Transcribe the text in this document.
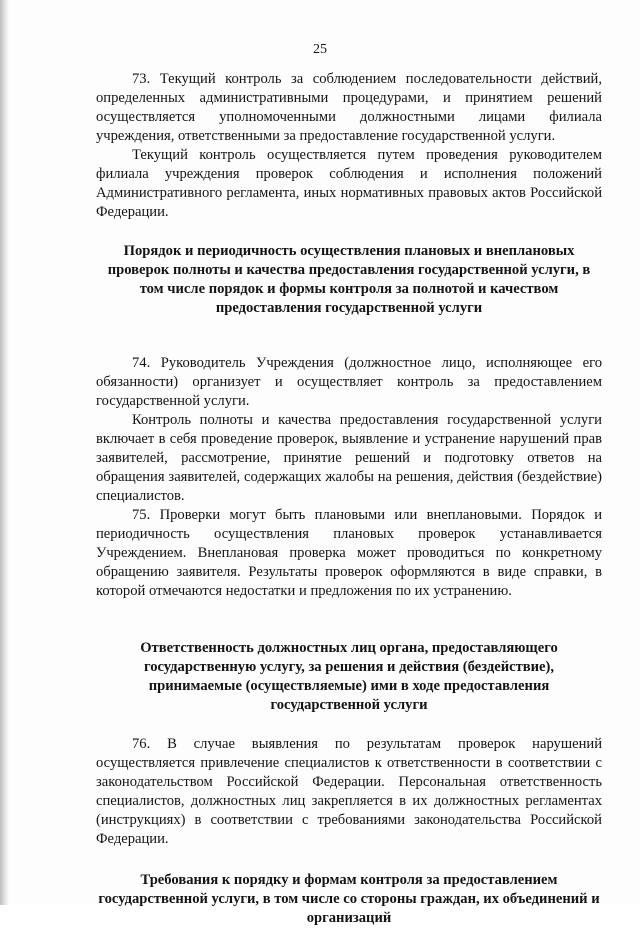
25

73. Текущий контроль за соблюдением последовательности действий, определенных административными процедурами, и принятием решений осуществляется уполномоченными должностными лицами филиала учреждения, ответственными за предоставление государственной услуги.

Текущий контроль осуществляется путем проведения руководителем филиала учреждения проверок соблюдения и исполнения положений Административного регламента, иных нормативных правовых актов Российской Федерации.

Порядок и периодичность осуществления плановых и внеплановых проверок полноты и качества предоставления государственной услуги, в том числе порядок и формы контроля за полнотой и качеством предоставления государственной услуги

74. Руководитель Учреждения (должностное лицо, исполняющее его обязанности) организует и осуществляет контроль за предоставлением государственной услуги.

Контроль полноты и качества предоставления государственной услуги включает в себя проведение проверок, выявление и устранение нарушений прав заявителей, рассмотрение, принятие решений и подготовку ответов на обращения заявителей, содержащих жалобы на решения, действия (бездействие) специалистов.

75. Проверки могут быть плановыми или внеплановыми. Порядок и периодичность осуществления плановых проверок устанавливается Учреждением. Внеплановая проверка может проводиться по конкретному обращению заявителя. Результаты проверок оформляются в виде справки, в которой отмечаются недостатки и предложения по их устранению.

Ответственность должностных лиц органа, предоставляющего государственную услугу, за решения и действия (бездействие), принимаемые (осуществляемые) ими в ходе предоставления государственной услуги

76. В случае выявления по результатам проверок нарушений осуществляется привлечение специалистов к ответственности в соответствии с законодательством Российской Федерации. Персональная ответственность специалистов, должностных лиц закрепляется в их должностных регламентах (инструкциях) в соответствии с требованиями законодательства Российской Федерации.

Требования к порядку и формам контроля за предоставлением государственной услуги, в том числе со стороны граждан, их объединений и организаций
